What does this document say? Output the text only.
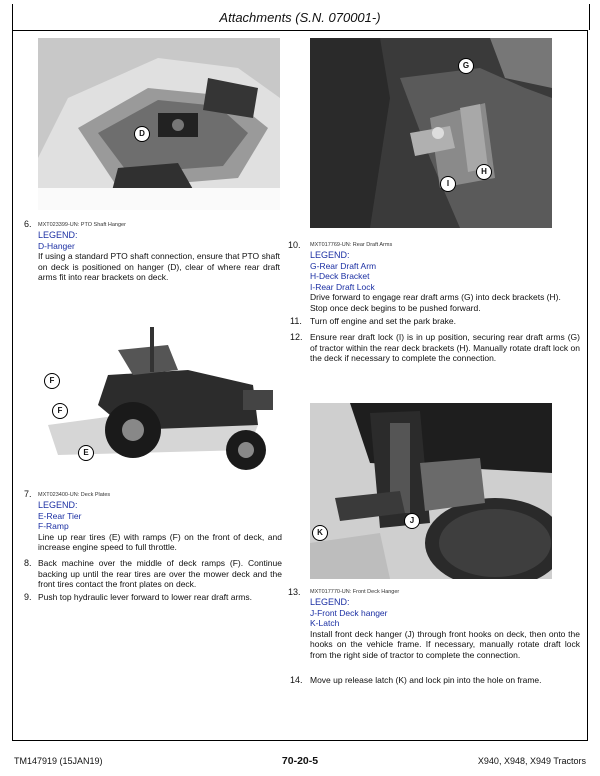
Attachments (S.N. 070001-)
D
6. MXT023399-UN: PTO Shaft Hanger
LEGEND:
D-Hanger
If using a standard PTO shaft connection, ensure that PTO shaft on deck is positioned on hanger (D), clear of where rear draft arms fit into rear brackets on deck.
F
F
E
7. MXT023400-UN: Deck Plates
LEGEND:
E-Rear Tier
F-Ramp
Line up rear tires (E) with ramps (F) on the front of deck, and increase engine speed to full throttle.
8. Back machine over the middle of deck ramps (F). Continue backing up until the rear tires are over the mower deck and the front tires contact the front plates on deck.
9. Push top hydraulic lever forward to lower rear draft arms.
G
I
H
10. MXT017769-UN: Rear Draft Arms
LEGEND:
G-Rear Draft Arm
H-Deck Bracket
I-Rear Draft Lock
Drive forward to engage rear draft arms (G) into deck brackets (H). Stop once deck begins to be pushed forward.
11. Turn off engine and set the park brake.
12. Ensure rear draft lock (I) is in up position, securing rear draft arms (G) of tractor within the rear deck brackets (H). Manually rotate draft lock on the deck if necessary to complete the connection.
K
J
13. MXT017770-UN: Front Deck Hanger
LEGEND:
J-Front Deck hanger
K-Latch
Install front deck hanger (J) through front hooks on deck, then onto the hooks on the vehicle frame. If necessary, manually rotate draft lock from the right side of tractor to complete the connection.
14. Move up release latch (K) and lock pin into the hole on frame.
TM147919 (15JAN19)	70-20-5	X940, X948, X949 Tractors
